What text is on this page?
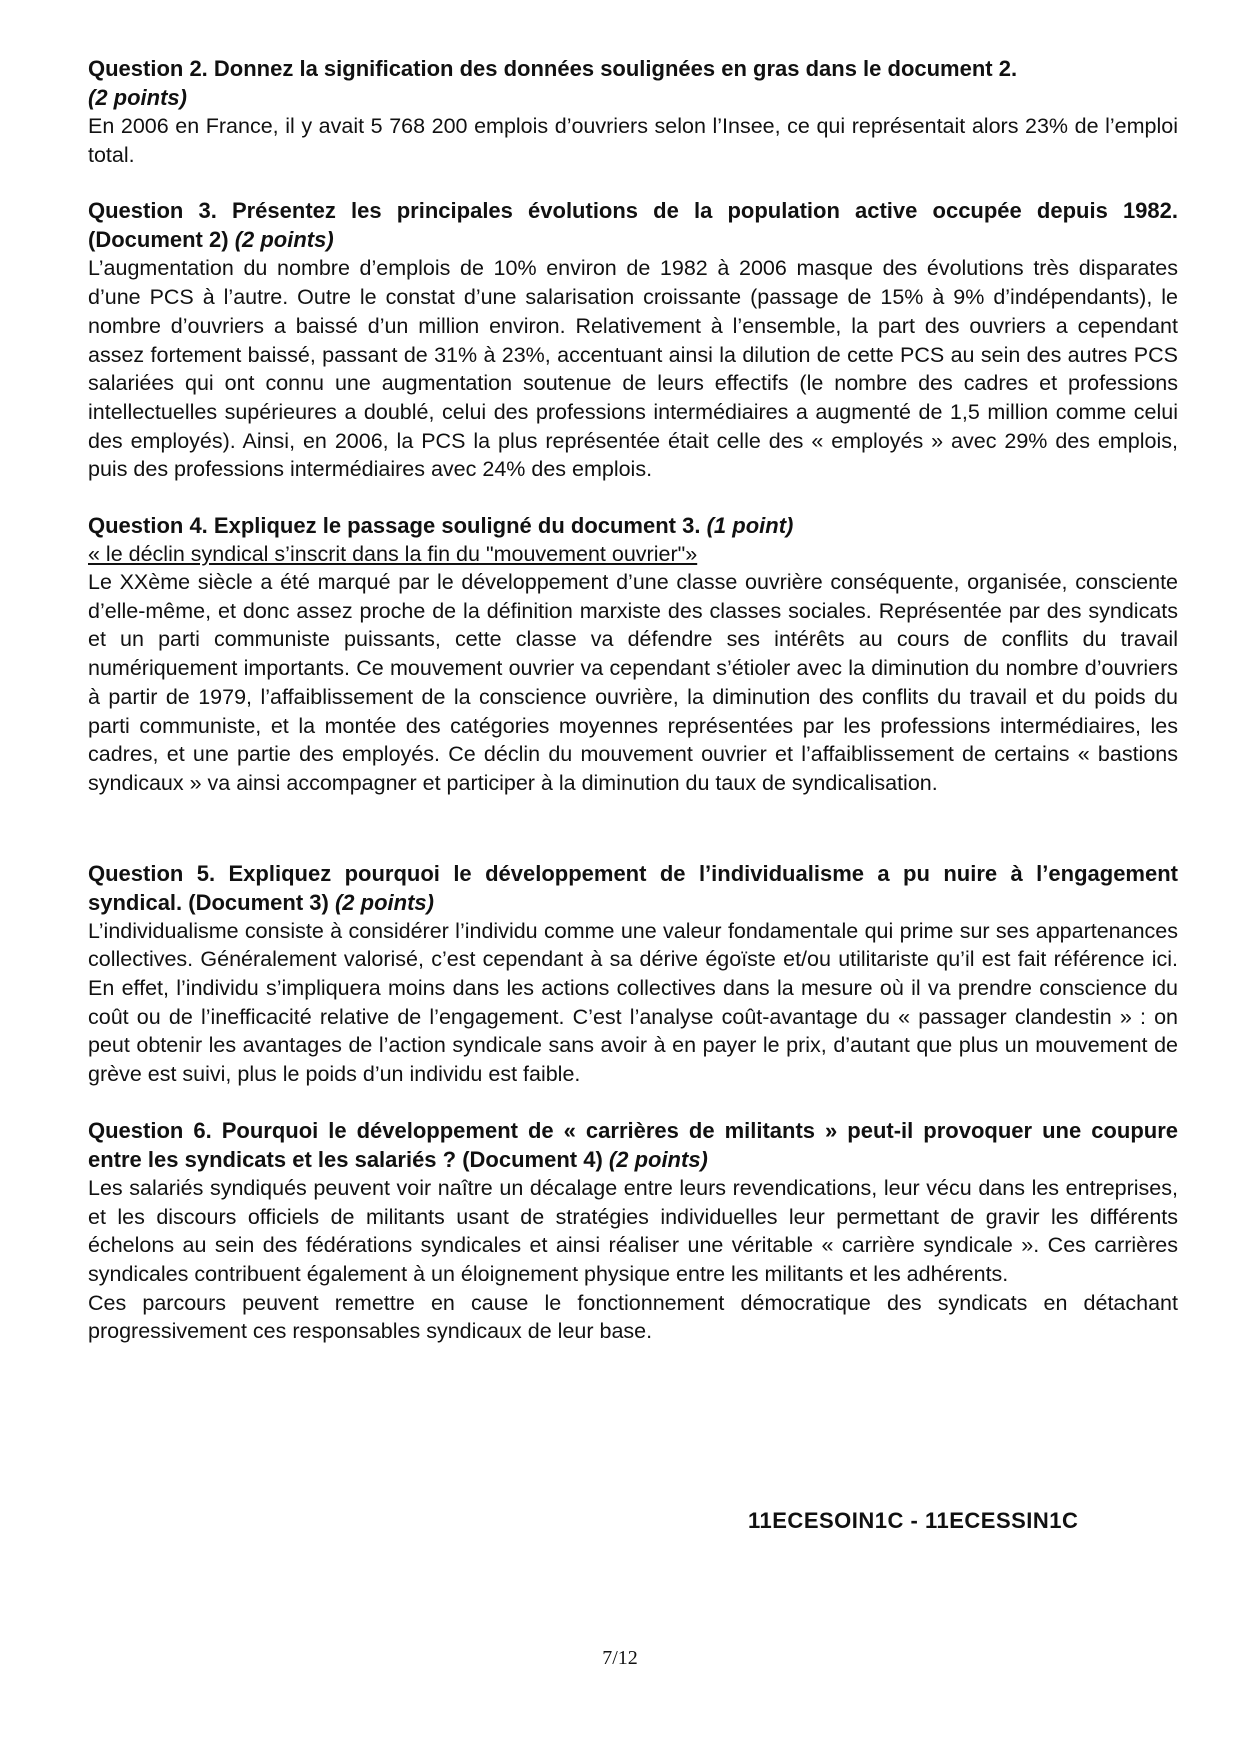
Question 2. Donnez la signification des données soulignées en gras dans le document 2.
(2 points)

En 2006 en France, il y avait 5 768 200 emplois d’ouvriers selon l’Insee, ce qui représentait alors 23% de l’emploi total.

Question 3. Présentez les principales évolutions de la population active occupée depuis 1982. (Document 2) (2 points)

L’augmentation du nombre d’emplois de 10% environ de 1982 à 2006 masque des évolutions très disparates d’une PCS à l’autre. Outre le constat d’une salarisation croissante (passage de 15% à 9% d’indépendants), le nombre d’ouvriers a baissé d’un million environ. Relativement à l’ensemble, la part des ouvriers a cependant assez fortement baissé, passant de 31% à 23%, accentuant ainsi la dilution de cette PCS au sein des autres PCS salariées qui ont connu une augmentation soutenue de leurs effectifs (le nombre des cadres et professions intellectuelles supérieures a doublé, celui des professions intermédiaires a augmenté de 1,5 million comme celui des employés). Ainsi, en 2006, la PCS la plus représentée était celle des « employés » avec 29% des emplois, puis des professions intermédiaires avec 24% des emplois.

Question 4. Expliquez le passage souligné du document 3. (1 point)

« le déclin syndical s’inscrit dans la fin du "mouvement ouvrier"»

Le XXème siècle a été marqué par le développement d’une classe ouvrière conséquente, organisée, consciente d’elle-même, et donc assez proche de la définition marxiste des classes sociales. Représentée par des syndicats et un parti communiste puissants, cette classe va défendre ses intérêts au cours de conflits du travail numériquement importants. Ce mouvement ouvrier va cependant s’étioler avec la diminution du nombre d’ouvriers à partir de 1979, l’affaiblissement de la conscience ouvrière, la diminution des conflits du travail et du poids du parti communiste, et la montée des catégories moyennes représentées par les professions intermédiaires, les cadres, et une partie des employés. Ce déclin du mouvement ouvrier et l’affaiblissement de certains « bastions syndicaux » va ainsi accompagner et participer à la diminution du taux de syndicalisation.

Question 5. Expliquez pourquoi le développement de l’individualisme a pu nuire à l’engagement syndical. (Document 3) (2 points)

L’individualisme consiste à considérer l’individu comme une valeur fondamentale qui prime sur ses appartenances collectives. Généralement valorisé, c’est cependant à sa dérive égoïste et/ou utilitariste qu’il est fait référence ici. En effet, l’individu s’impliquera moins dans les actions collectives dans la mesure où il va prendre conscience du coût ou de l’inefficacité relative de l’engagement. C’est l’analyse coût-avantage du « passager clandestin » : on peut obtenir les avantages de l’action syndicale sans avoir à en payer le prix, d’autant que plus un mouvement de grève est suivi, plus le poids d’un individu est faible.

Question 6. Pourquoi le développement de « carrières de militants » peut-il provoquer une coupure entre les syndicats et les salariés ? (Document 4) (2 points)

Les salariés syndiqués peuvent voir naître un décalage entre leurs revendications, leur vécu dans les entreprises, et les discours officiels de militants usant de stratégies individuelles leur permettant de gravir les différents échelons au sein des fédérations syndicales et ainsi réaliser une véritable « carrière syndicale ». Ces carrières syndicales contribuent également à un éloignement physique entre les militants et les adhérents.

Ces parcours peuvent remettre en cause le fonctionnement démocratique des syndicats en détachant progressivement ces responsables syndicaux de leur base.

11ECESOIN1C - 11ECESSIN1C
7/12
